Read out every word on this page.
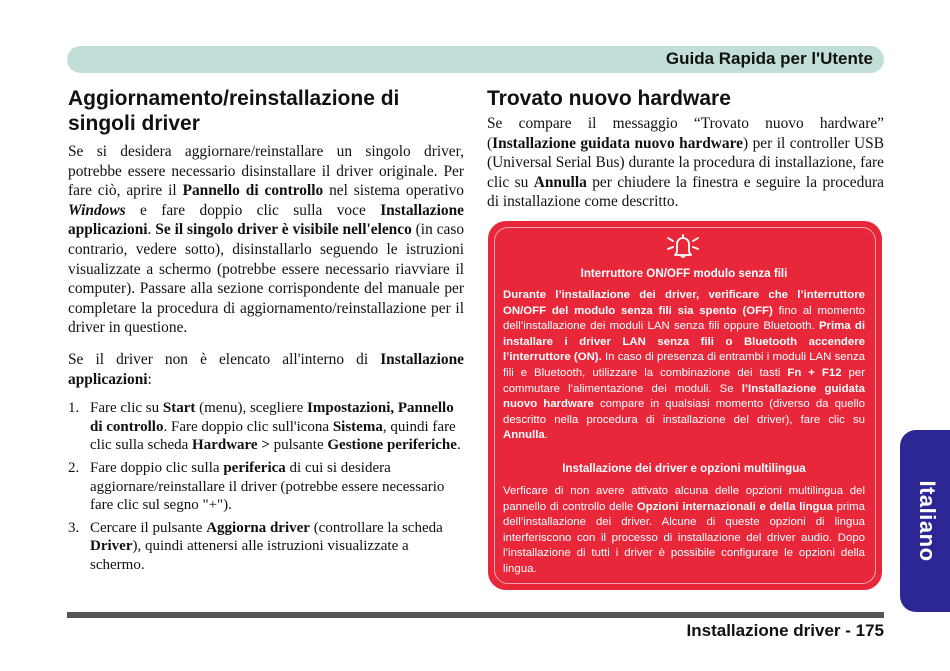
Guida Rapida per l'Utente
Italiano
Aggiornamento/reinstallazione di
singoli driver

Se si desidera aggiornare/reinstallare un singolo driver, potrebbe essere necessario disinstallare il driver originale. Per fare ciò, aprire il Pannello di controllo nel sistema operativo Windows e fare doppio clic sulla voce Installazione applicazioni. Se il singolo driver è visibile nell'elenco (in caso contrario, vedere sotto), disinstallarlo seguendo le istruzioni visualizzate a schermo (potrebbe essere necessario riavviare il computer). Passare alla sezione corrispondente del manuale per completare la procedura di aggiornamento/reinstallazione per il driver in questione.

Se il driver non è elencato all'interno di Installazione applicazioni:

1. Fare clic su Start (menu), scegliere Impostazioni, Pannello di controllo. Fare doppio clic sull'icona Sistema, quindi fare clic sulla scheda Hardware > pulsante Gestione periferiche.
2. Fare doppio clic sulla periferica di cui si desidera aggiornare/reinstallare il driver (potrebbe essere necessario fare clic sul segno "+").
3. Cercare il pulsante Aggiorna driver (controllare la scheda Driver), quindi attenersi alle istruzioni visualizzate a schermo.
Trovato nuovo hardware

Se compare il messaggio “Trovato nuovo hardware” (Installazione guidata nuovo hardware) per il controller USB (Universal Serial Bus) durante la procedura di installazione, fare clic su Annulla per chiudere la finestra e seguire la procedura di installazione come descritto.

Interruttore ON/OFF modulo senza fili

Durante l’installazione dei driver, verificare che l’interruttore ON/OFF del modulo senza fili sia spento (OFF) fino al momento dell’installazione dei moduli LAN senza fili oppure Bluetooth. Prima di installare i driver LAN senza fili o Bluetooth accendere l’interruttore (ON). In caso di presenza di entrambi i moduli LAN senza fili e Bluetooth, utilizzare la combinazione dei tasti Fn + F12 per commutare l’alimentazione dei moduli. Se l’Installazione guidata nuovo hardware compare in qualsiasi momento (diverso da quello descritto nella procedura di installazione del driver), fare clic su Annulla.

Installazione dei driver e opzioni multilingua

Verficare di non avere attivato alcuna delle opzioni multilingua del pannello di controllo delle Opzioni internazionali e della lingua prima dell’installazione dei driver. Alcune di queste opzioni di lingua interferiscono con il processo di installazione del driver audio. Dopo l’installazione di tutti i driver è possibile configurare le opzioni della lingua.

Installazione driver - 175
